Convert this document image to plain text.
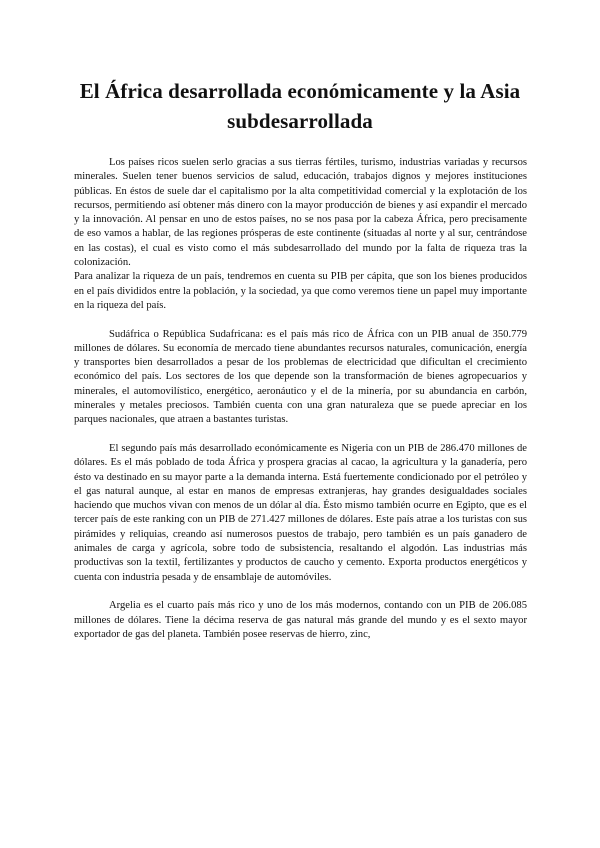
El África desarrollada económicamente y la Asia subdesarrollada

Los países ricos suelen serlo gracias a sus tierras fértiles, turismo, industrias variadas y recursos minerales. Suelen tener buenos servicios de salud, educación, trabajos dignos y mejores instituciones públicas. En éstos de suele dar el capitalismo por la alta competitividad comercial y la explotación de los recursos, permitiendo así obtener más dinero con la mayor producción de bienes y así expandir el mercado y la innovación. Al pensar en uno de estos países, no se nos pasa por la cabeza África, pero precisamente de eso vamos a hablar, de las regiones prósperas de este continente (situadas al norte y al sur, centrándose en las costas), el cual es visto como el más subdesarrollado del mundo por la falta de riqueza tras la colonización.

Para analizar la riqueza de un país, tendremos en cuenta su PIB per cápita, que son los bienes producidos en el país divididos entre la población, y la sociedad, ya que como veremos tiene un papel muy importante en la riqueza del país.

Sudáfrica o República Sudafricana: es el país más rico de África con un PIB anual de 350.779 millones de dólares. Su economía de mercado tiene abundantes recursos naturales, comunicación, energía y transportes bien desarrollados a pesar de los problemas de electricidad que dificultan el crecimiento económico del país. Los sectores de los que depende son la transformación de bienes agropecuarios y minerales, el automovilístico, energético, aeronáutico y el de la minería, por su abundancia en carbón, minerales y metales preciosos. También cuenta con una gran naturaleza que se puede apreciar en los parques nacionales, que atraen a bastantes turistas.

El segundo país más desarrollado económicamente es Nigeria con un PIB de 286.470 millones de dólares. Es el más poblado de toda África y prospera gracias al cacao, la agricultura y la ganadería, pero ésto va destinado en su mayor parte a la demanda interna. Está fuertemente condicionado por el petróleo y el gas natural aunque, al estar en manos de empresas extranjeras, hay grandes desigualdades sociales haciendo que muchos vivan con menos de un dólar al día. Ésto mismo también ocurre en Egipto, que es el tercer país de este ranking con un PIB de 271.427 millones de dólares. Este país atrae a los turistas con sus pirámides y reliquias, creando así numerosos puestos de trabajo, pero también es un país ganadero de animales de carga y agrícola, sobre todo de subsistencia, resaltando el algodón. Las industrias más productivas son la textil, fertilizantes y productos de caucho y cemento. Exporta productos energéticos y cuenta con industria pesada y de ensamblaje de automóviles.

Argelia es el cuarto país más rico y uno de los más modernos, contando con un PIB de 206.085 millones de dólares. Tiene la décima reserva de gas natural más grande del mundo y es el sexto mayor exportador de gas del planeta. También posee reservas de hierro, zinc,
